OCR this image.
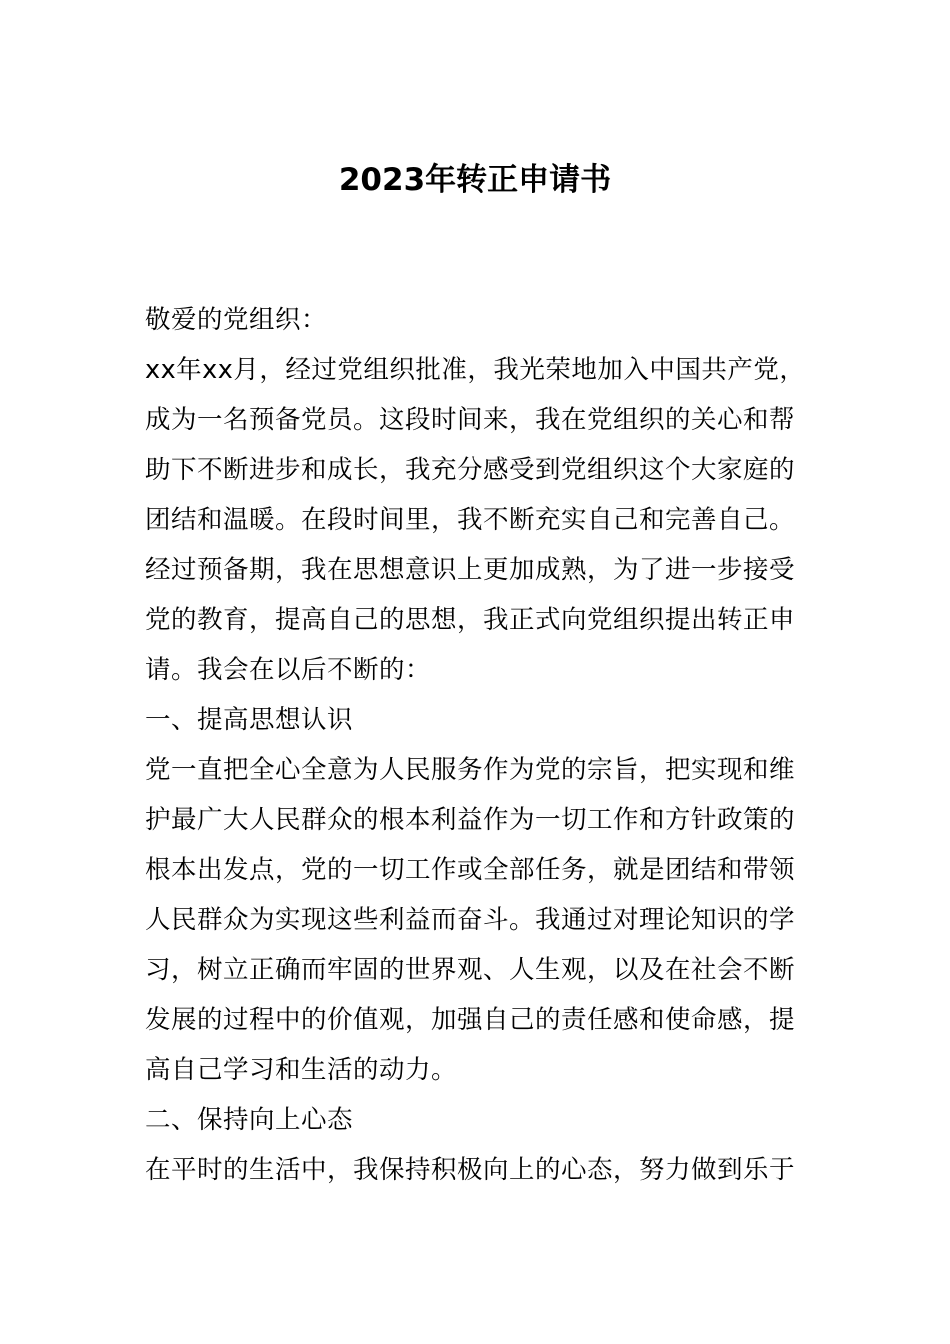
2023年转正申请书
敬爱的党组织：
xx年xx月，经过党组织批准，我光荣地加入中国共产党，
成为一名预备党员。这段时间来，我在党组织的关心和帮
助下不断进步和成长，我充分感受到党组织这个大家庭的
团结和温暖。在段时间里，我不断充实自己和完善自己。
经过预备期，我在思想意识上更加成熟，为了进一步接受
党的教育，提高自己的思想，我正式向党组织提出转正申
请。我会在以后不断的：
一、提高思想认识
党一直把全心全意为人民服务作为党的宗旨，把实现和维
护最广大人民群众的根本利益作为一切工作和方针政策的
根本出发点，党的一切工作或全部任务，就是团结和带领
人民群众为实现这些利益而奋斗。我通过对理论知识的学
习，树立正确而牢固的世界观、人生观，以及在社会不断
发展的过程中的价值观，加强自己的责任感和使命感，提
高自己学习和生活的动力。
二、保持向上心态
在平时的生活中，我保持积极向上的心态，努力做到乐于
